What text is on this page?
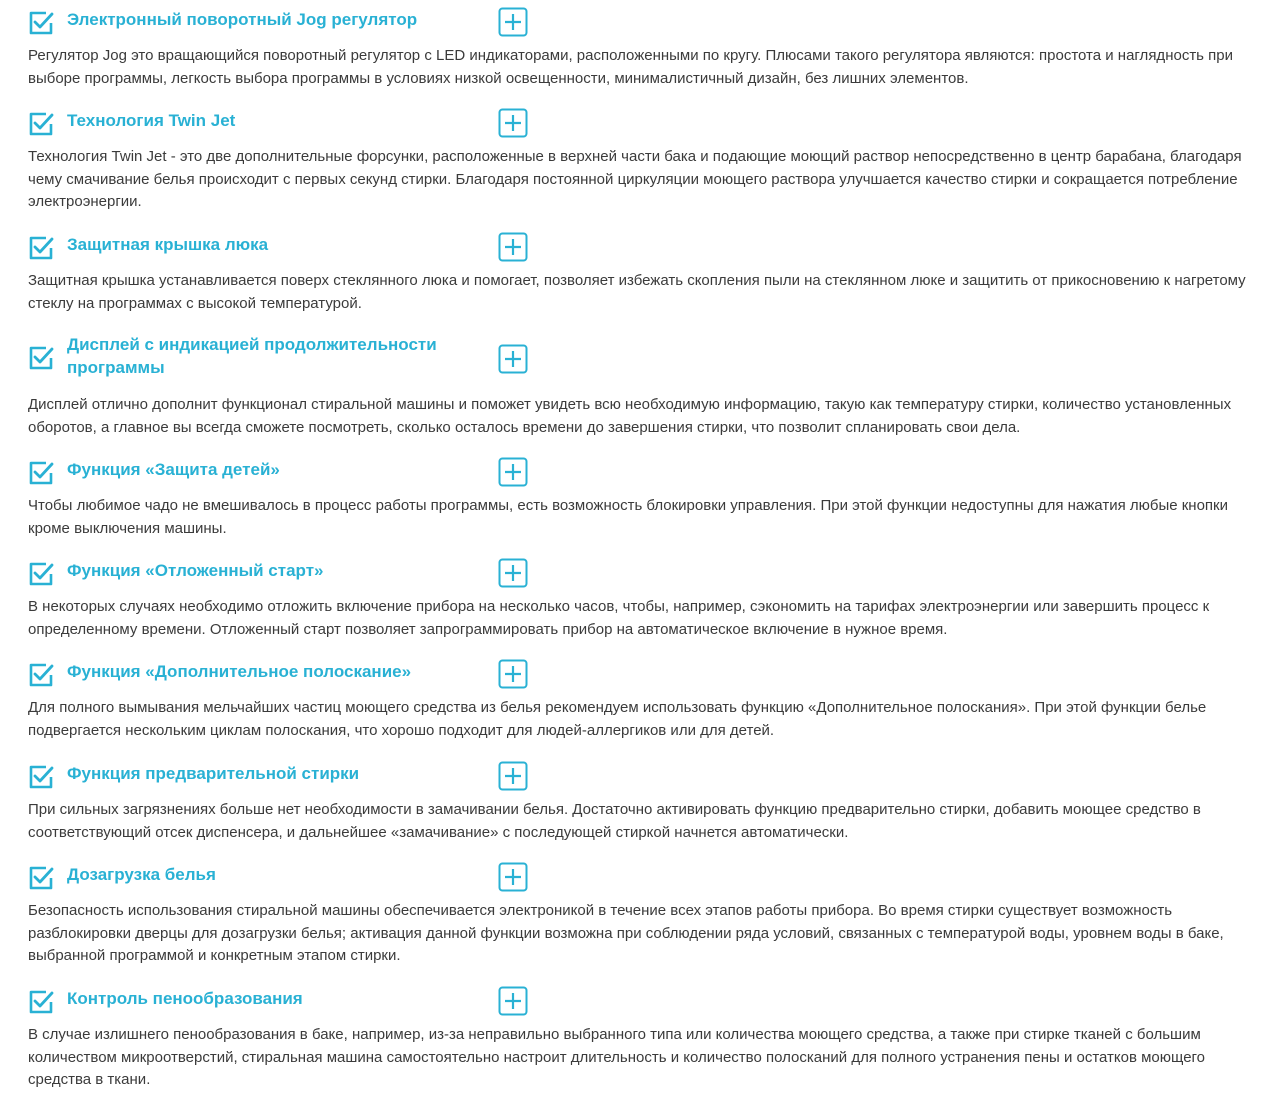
Электронный поворотный Jog регулятор

Регулятор Jog это вращающийся поворотный регулятор с LED индикаторами, расположенными по кругу. Плюсами такого регулятора являются: простота и наглядность при выборе программы, легкость выбора программы в условиях низкой освещенности, минималистичный дизайн, без лишних элементов.

Технология Twin Jet

Технология Twin Jet - это две дополнительные форсунки, расположенные в верхней части бака и подающие моющий раствор непосредственно в центр барабана, благодаря чему смачивание белья происходит с первых секунд стирки. Благодаря постоянной циркуляции моющего раствора улучшается качество стирки и сокращается потребление электроэнергии.

Защитная крышка люка

Защитная крышка устанавливается поверх стеклянного люка и помогает, позволяет избежать скопления пыли на стеклянном люке и защитить от прикосновению к нагретому стеклу на программах с высокой температурой.

Дисплей с индикацией продолжительности программы

Дисплей отлично дополнит функционал стиральной машины и поможет увидеть всю необходимую информацию, такую как температуру стирки, количество установленных оборотов, а главное вы всегда сможете посмотреть, сколько осталось времени до завершения стирки, что позволит спланировать свои дела.

Функция «Защита детей»

Чтобы любимое чадо не вмешивалось в процесс работы программы, есть возможность блокировки управления. При этой функции недоступны для нажатия любые кнопки кроме выключения машины.

Функция «Отложенный старт»

В некоторых случаях необходимо отложить включение прибора на несколько часов, чтобы, например, сэкономить на тарифах электроэнергии или завершить процесс к определенному времени. Отложенный старт позволяет запрограммировать прибор на автоматическое включение в нужное время.

Функция «Дополнительное полоскание»

Для полного вымывания мельчайших частиц моющего средства из белья рекомендуем использовать функцию «Дополнительное полоскания». При этой функции белье подвергается нескольким циклам полоскания, что хорошо подходит для людей-аллергиков или для детей.

Функция предварительной стирки

При сильных загрязнениях больше нет необходимости в замачивании белья. Достаточно активировать функцию предварительно стирки, добавить моющее средство в соответствующий отсек диспенсера, и дальнейшее «замачивание» с последующей стиркой начнется автоматически.

Дозагрузка белья

Безопасность использования стиральной машины обеспечивается электроникой в течение всех этапов работы прибора. Во время стирки существует возможность разблокировки дверцы для дозагрузки белья; активация данной функции возможна при соблюдении ряда условий, связанных с температурой воды, уровнем воды в баке, выбранной программой и конкретным этапом стирки.

Контроль пенообразования

В случае излишнего пенообразования в баке, например, из-за неправильно выбранного типа или количества моющего средства, а также при стирке тканей с большим количеством микроотверстий, стиральная машина самостоятельно настроит длительность и количество полосканий для полного устранения пены и остатков моющего средства в ткани.
